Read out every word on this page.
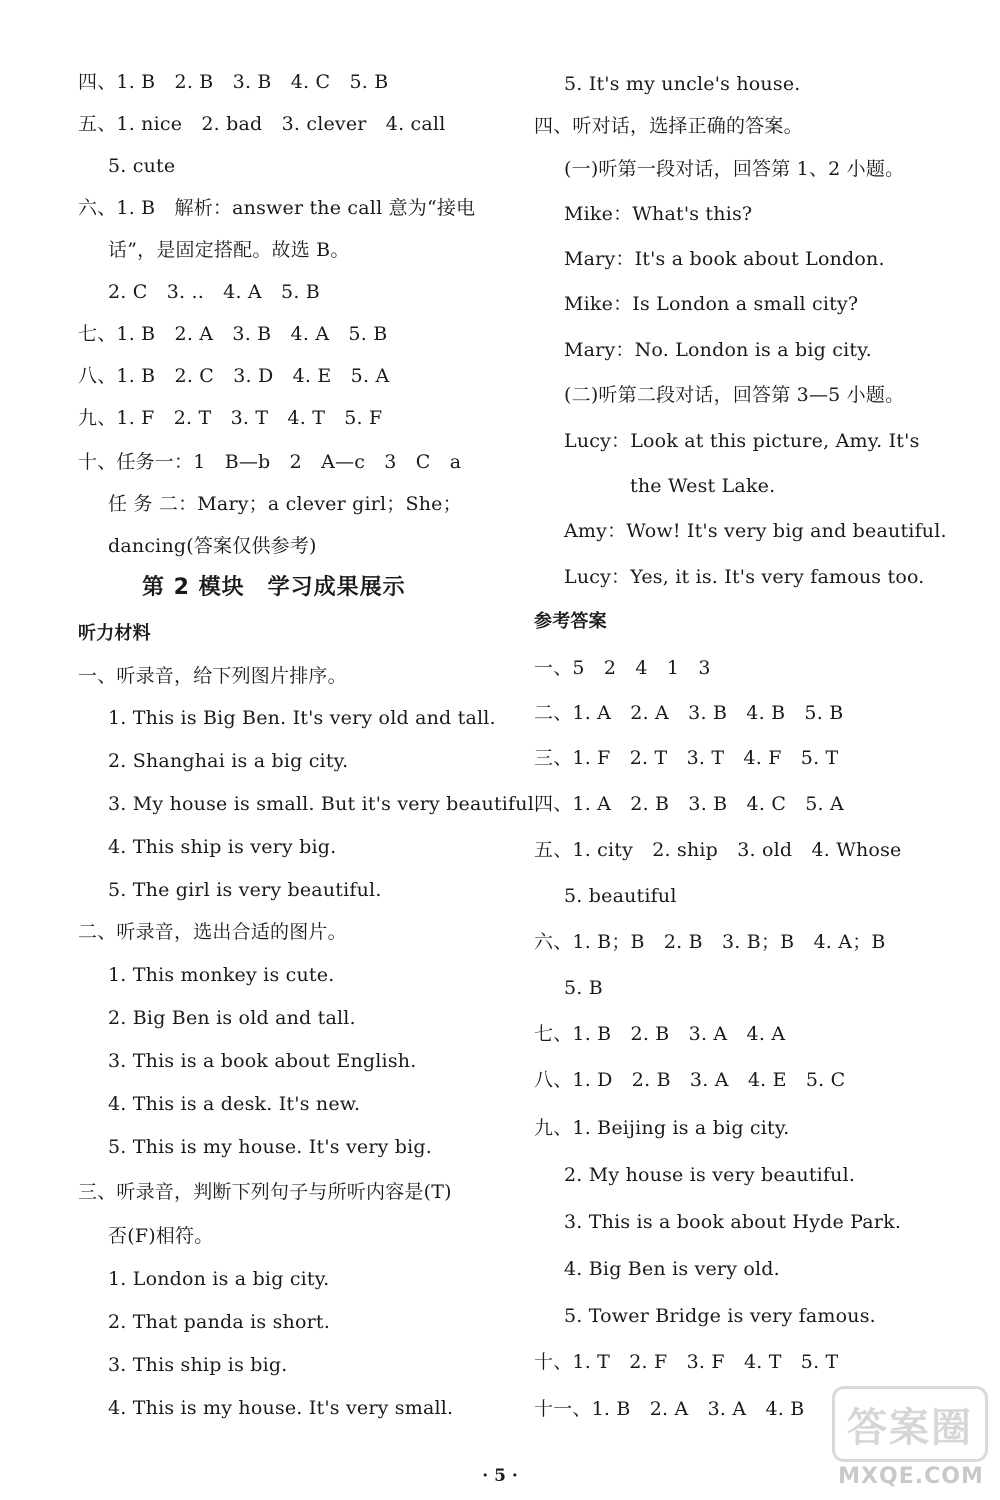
四、1. B　2. B　3. B　4. C　5. B
五、1. nice　2. bad　3. clever　4. call
5. cute
六、1. B　解析：answer the call 意为“接电
话”，是固定搭配。故选 B。
2. C　3. ..　4. A　5. B
七、1. B　2. A　3. B　4. A　5. B
八、1. B　2. C　3. D　4. E　5. A
九、1. F　2. T　3. T　4. T　5. F
十、任务一：1　B—b　2　A—c　3　C　a
任 务 二：Mary；a clever girl；She；
dancing(答案仅供参考)
第 2 模块　学习成果展示
听力材料
一、听录音，给下列图片排序。
1. This is Big Ben. It's very old and tall.
2. Shanghai is a big city.
3. My house is small. But it's very beautiful.
4. This ship is very big.
5. The girl is very beautiful.
二、听录音，选出合适的图片。
1. This monkey is cute.
2. Big Ben is old and tall.
3. This is a book about English.
4. This is a desk. It's new.
5. This is my house. It's very big.
三、听录音，判断下列句子与所听内容是(T)
否(F)相符。
1. London is a big city.
2. That panda is short.
3. This ship is big.
4. This is my house. It's very small.
5. It's my uncle's house.
四、听对话，选择正确的答案。
(一)听第一段对话，回答第 1、2 小题。
Mike：What's this?
Mary：It's a book about London.
Mike：Is London a small city?
Mary：No. London is a big city.
(二)听第二段对话，回答第 3—5 小题。
Lucy：Look at this picture, Amy. It's
the West Lake.
Amy：Wow! It's very big and beautiful.
Lucy：Yes, it is. It's very famous too.
参考答案
一、5　2　4　1　3
二、1. A　2. A　3. B　4. B　5. B
三、1. F　2. T　3. T　4. F　5. T
四、1. A　2. B　3. B　4. C　5. A
五、1. city　2. ship　3. old　4. Whose
5. beautiful
六、1. B；B　2. B　3. B；B　4. A；B
5. B
七、1. B　2. B　3. A　4. A
八、1. D　2. B　3. A　4. E　5. C
九、1. Beijing is a big city.
2. My house is very beautiful.
3. This is a book about Hyde Park.
4. Big Ben is very old.
5. Tower Bridge is very famous.
十、1. T　2. F　3. F　4. T　5. T
十一、1. B　2. A　3. A　4. B
· 5 ·
答案圈
MXQE.COM
